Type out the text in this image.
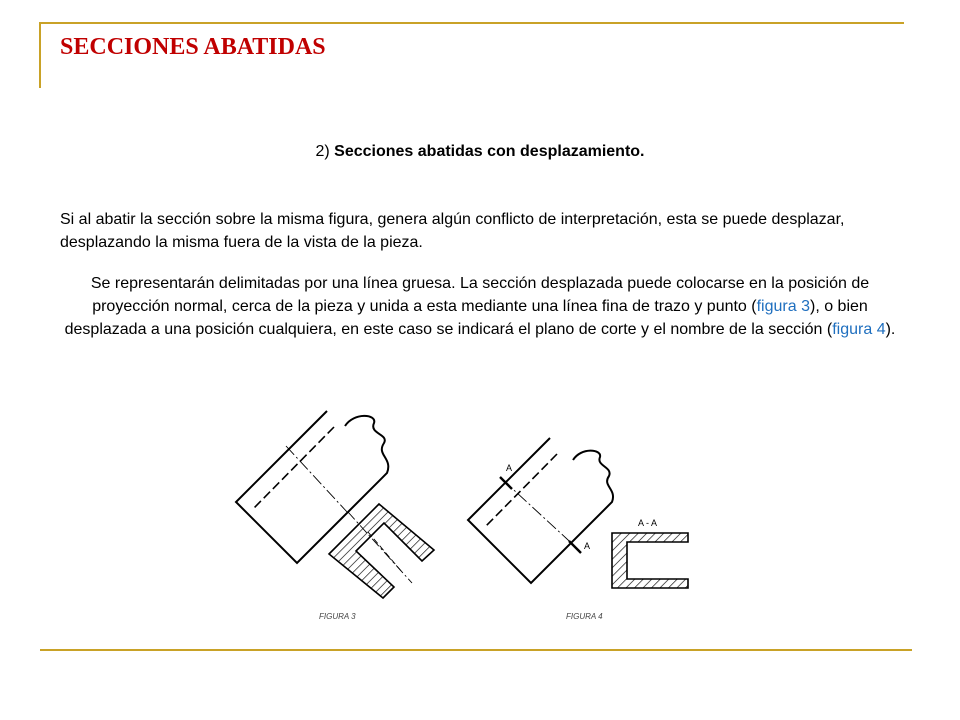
SECCIONES ABATIDAS

2) Secciones abatidas con desplazamiento.

Si al abatir la sección sobre la misma figura, genera algún conflicto de interpretación, esta se puede desplazar, desplazando la misma fuera de la vista de la pieza.

Se representarán delimitadas por una línea gruesa. La sección desplazada puede colocarse en la posición de proyección normal, cerca de la pieza y unida a esta mediante una línea fina de trazo y punto (figura 3), o bien desplazada a una posición cualquiera, en este caso se indicará el plano de corte y el nombre de la sección (figura 4).

FIGURA 3
A
A
A - A
FIGURA 4
